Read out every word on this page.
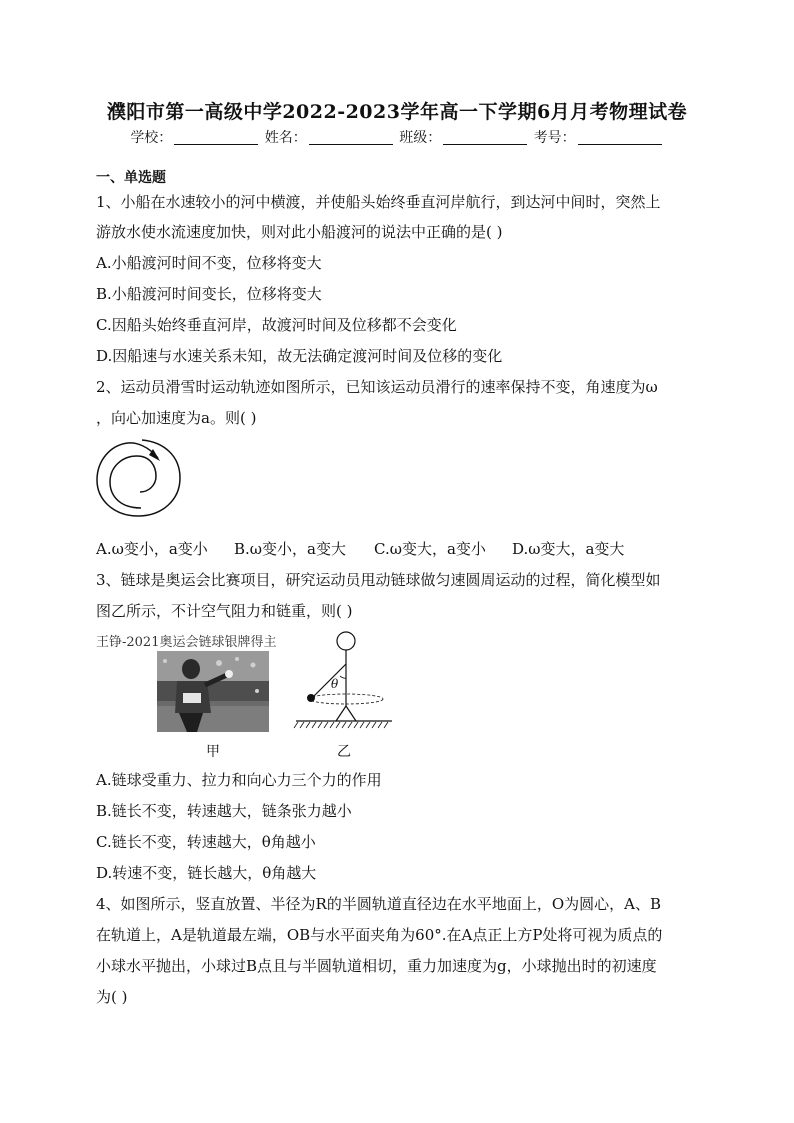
濮阳市第一高级中学2022-2023学年高一下学期6月月考物理试卷
学校：	姓名：	班级：	考号：
一、单选题
1、小船在水速较小的河中横渡，并使船头始终垂直河岸航行，到达河中间时，突然上
游放水使水流速度加快，则对此小船渡河的说法中正确的是( )
A.小船渡河时间不变，位移将变大
B.小船渡河时间变长，位移将变大
C.因船头始终垂直河岸，故渡河时间及位移都不会变化
D.因船速与水速关系未知，故无法确定渡河时间及位移的变化
2、运动员滑雪时运动轨迹如图所示，已知该运动员滑行的速率保持不变，角速度为ω
，向心加速度为a。则( )
A.ω变小，a变小 B.ω变小，a变大 C.ω变大，a变小 D.ω变大，a变大
3、链球是奥运会比赛项目，研究运动员甩动链球做匀速圆周运动的过程，简化模型如
图乙所示，不计空气阻力和链重，则( )
王铮-2021奥运会链球银牌得主
θ
甲	乙
A.链球受重力、拉力和向心力三个力的作用
B.链长不变，转速越大，链条张力越小
C.链长不变，转速越大，θ角越小
D.转速不变，链长越大，θ角越大
4、如图所示，竖直放置、半径为R的半圆轨道直径边在水平地面上，O为圆心，A、B
在轨道上，A是轨道最左端，OB与水平面夹角为60°.在A点正上方P处将可视为质点的
小球水平抛出，小球过B点且与半圆轨道相切，重力加速度为g，小球抛出时的初速度
为( )
